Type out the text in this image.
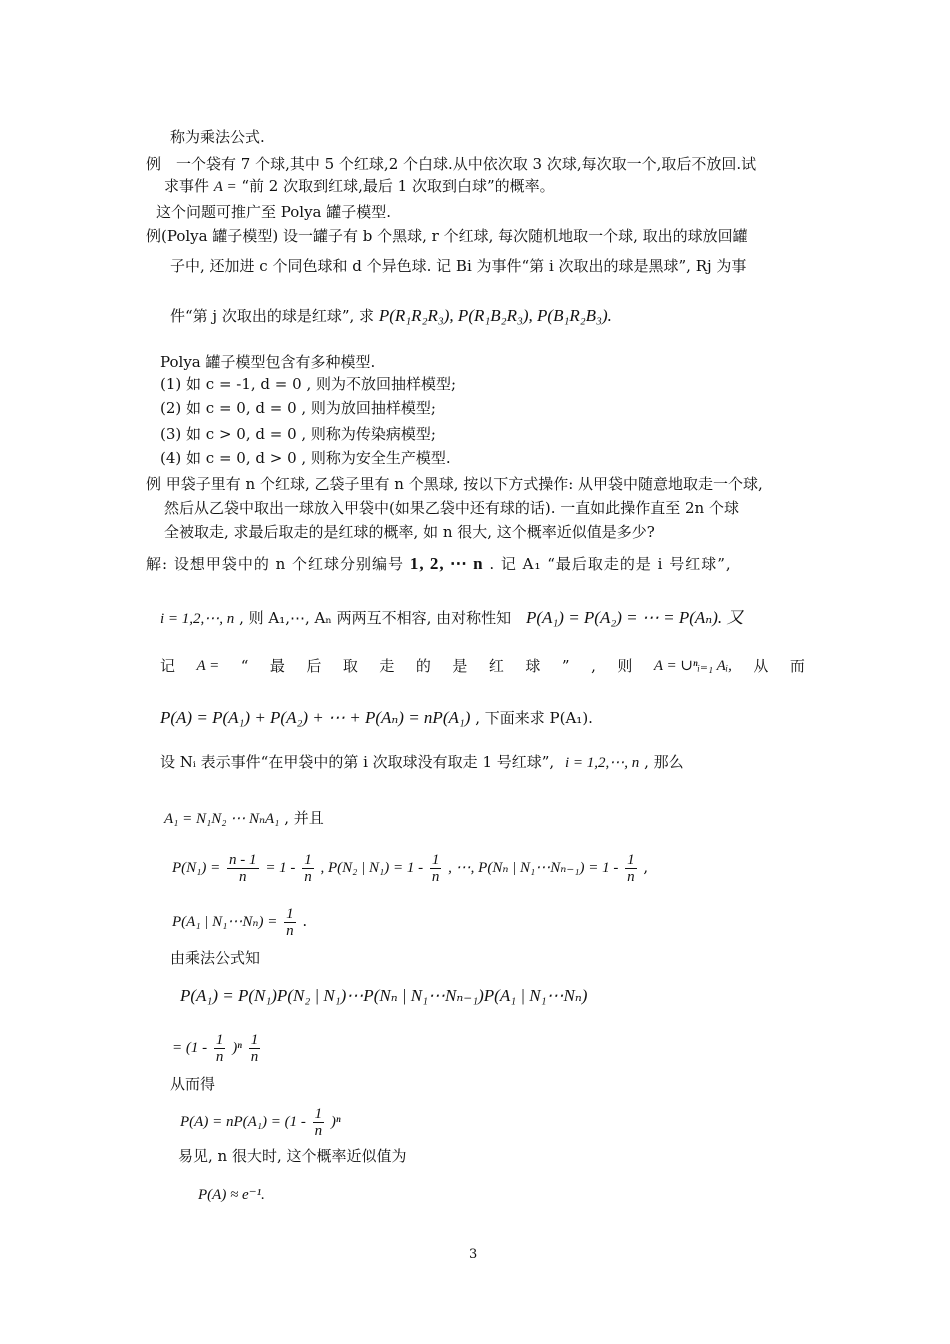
称为乘法公式.
例　一个袋有 7 个球,其中 5 个红球,2 个白球.从中依次取 3 次球,每次取一个,取后不放回.试
求事件 A = “前 2 次取到红球,最后 1 次取到白球”的概率。
这个问题可推广至 Polya 罐子模型.
例(Polya 罐子模型) 设一罐子有 b 个黑球, r 个红球, 每次随机地取一个球, 取出的球放回罐
子中, 还加进 c 个同色球和 d 个异色球. 记 Bi 为事件“第 i 次取出的球是黑球”, Rj 为事
件“第 j 次取出的球是红球”, 求 P(R₁R₂R₃), P(R₁B₂R₃), P(B₁R₂B₃).
Polya 罐子模型包含有多种模型.
(1) 如 c = -1, d = 0 , 则为不放回抽样模型;
(2) 如 c = 0, d = 0 , 则为放回抽样模型;
(3) 如 c > 0, d = 0 , 则称为传染病模型;
(4) 如 c = 0, d > 0 , 则称为安全生产模型.
例 甲袋子里有 n 个红球, 乙袋子里有 n 个黑球, 按以下方式操作: 从甲袋中随意地取走一个球,
然后从乙袋中取出一球放入甲袋中(如果乙袋中还有球的话). 一直如此操作直至 2n 个球
全被取走, 求最后取走的是红球的概率, 如 n 很大, 这个概率近似值是多少?
解: 设想甲袋中的 n 个红球分别编号 1, 2, ⋯ n . 记 A₁ “最后取走的是 i 号红球”,
i = 1,2,⋯, n , 则 A₁,⋯, Aₙ 两两互不相容, 由对称性知 P(A₁) = P(A₂) = ⋯ = P(Aₙ). 又
记 A = “ 最 后 取 走 的 是 红 球 ” , 则 A = ∪ⁿᵢ₌₁ Aᵢ, 从 而
P(A) = P(A₁) + P(A₂) + ⋯ + P(Aₙ) = nP(A₁) , 下面来求 P(A₁).
设 Nᵢ 表示事件“在甲袋中的第 i 次取球没有取走 1 号红球”, i = 1,2,⋯, n , 那么
A₁ = N₁N₂ ⋯ NₙA₁ , 并且
$P(N_1) = \frac{n - 1}{n} = 1 - \frac{1}{n}$ , P(N₂ | $N_1) = 1 - \frac{1}{n}$ , ⋯, P(Nₙ | N₁⋯Nₙ₋₁) = $1 - \frac{1}{n}$ ,
P(A₁ | N₁⋯Nₙ) = $\frac{1}{n}$ .
由乘法公式知
P(A₁) = P(N₁)P(N₂ | N₁)⋯P(Nₙ | N₁⋯Nₙ₋₁)P(A₁ | N₁⋯Nₙ)
= $(1 - \frac{1}{n} )^n \frac{1}{n}$
从而得
$P(A) = nP(A_1) = (1 - \frac{1}{n} )^n$
易见, n 很大时, 这个概率近似值为
P(A) ≈ e⁻¹.
3
